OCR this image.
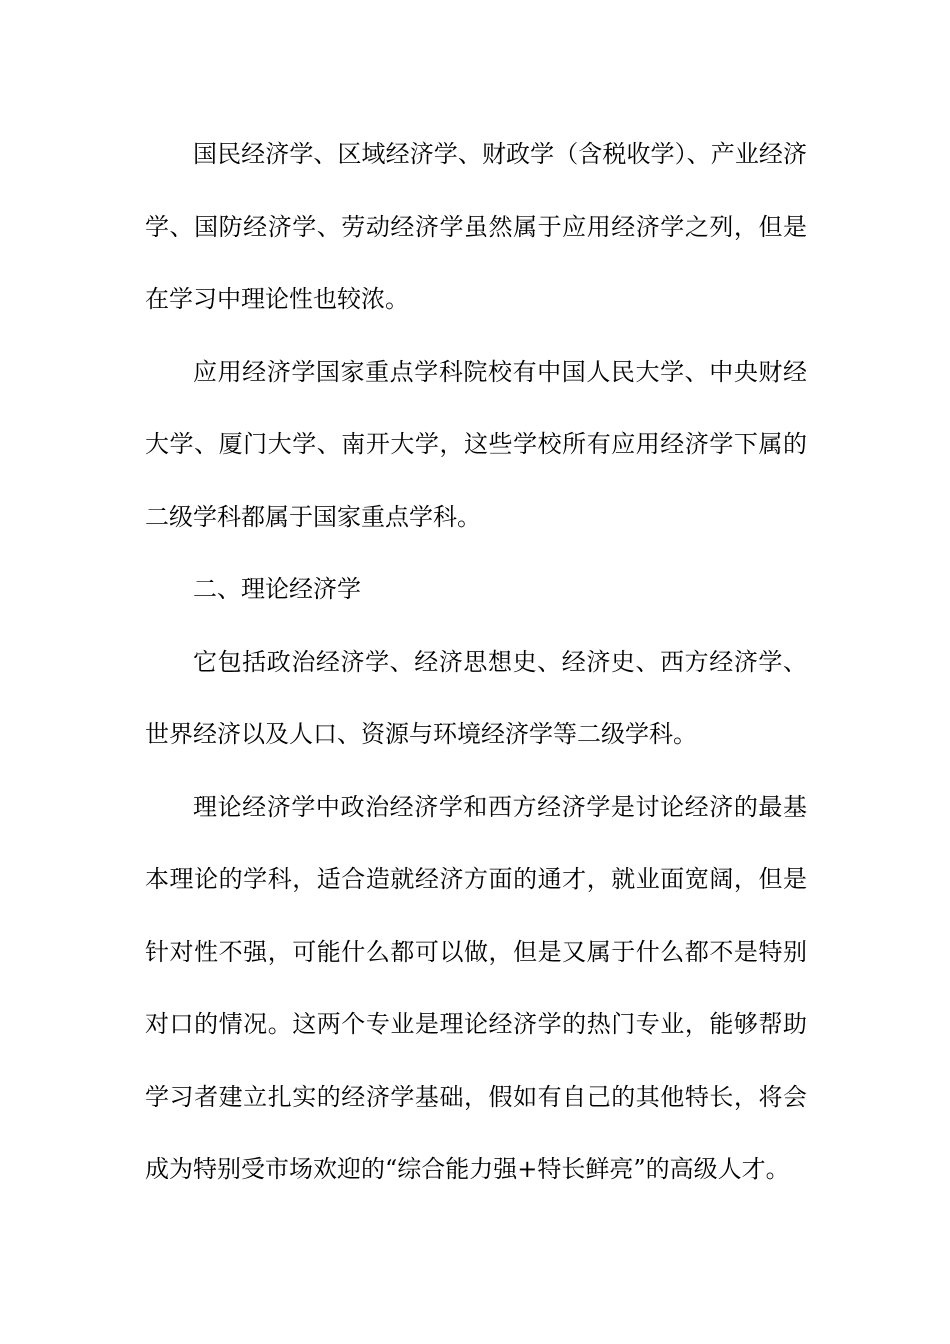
国民经济学、区域经济学、财政学（含税收学）、产业经济
学、国防经济学、劳动经济学虽然属于应用经济学之列，但是
在学习中理论性也较浓。
应用经济学国家重点学科院校有中国人民大学、中央财经
大学、厦门大学、南开大学，这些学校所有应用经济学下属的
二级学科都属于国家重点学科。
二、理论经济学
它包括政治经济学、经济思想史、经济史、西方经济学、
世界经济以及人口、资源与环境经济学等二级学科。
理论经济学中政治经济学和西方经济学是讨论经济的最基
本理论的学科，适合造就经济方面的通才，就业面宽阔，但是
针对性不强，可能什么都可以做，但是又属于什么都不是特别
对口的情况。这两个专业是理论经济学的热门专业，能够帮助
学习者建立扎实的经济学基础，假如有自己的其他特长，将会
成为特别受市场欢迎的“综合能力强+特长鲜亮”的高级人才。
